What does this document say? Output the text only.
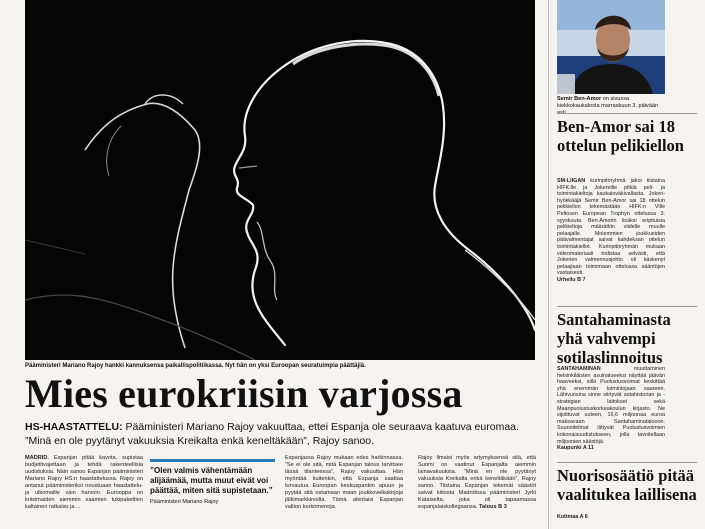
Pääministeri Mariano Rajoy hankki kannuksensa paikallispolitiikassa. Nyt hän on yksi Euroopan seuratuimpia päättäjiä.
Mies eurokriisin varjossa
HS-HAASTATTELU: Pääministeri Mariano Rajoy vakuuttaa, ettei Espanja ole seuraava kaatuva euromaa. ”Minä en ole pyytänyt vakuuksia Kreikalta enkä keneltäkään”, Rajoy sanoo.

MADRID. Espanjan pitää kavota, supistaa budjettivajettaan ja tehdä rakenteellisia uudistuksia. Näin sanoo Espanjan pääministeri Mariano Rajoy HS:n haastattelussa. Rajoy on antanut pääministeriksi noustuaan haastatteluja ulkomaille vain harvoin. Eurooppa on kriisimaiden aiemmin saamien tukipakettien kaltainen ratkaisu ja ...

”Olen valmis vähentämään alijäämää, mutta muut eivät voi päättää, miten sitä supistetaan.”
Pääministeri Mariano Rajoy

Espanjassa Rajoy mukaan edes harkinnassa. ”Se ei ole sitä, mitä Espanjan talous tarvitsee tässä tilanteessa”, Rajoy vakuuttaa. Hän myöntää kuitenkin, että Espanja saattaa turvautua Euroopan keskuspankin apuun ja pyytää sitä ostamaan maan joukkovelkakirjoja jälkimarkkinoilta. Tämä alentaisi Espanjan valtion korkomenoja.

Rajoy ilmaisi myös artymyksensä sitä, että Suomi on vaatinut Espanjalta aiemmin lainavakuuksia. ”Minä en ole pyytänyt vakuuksia Kreikalta enkä keneltäkään”, Rajoy sanoo. Tiistaina Espanjan tekemät säästöt saivat kiitosta Madridissa pääministeri Jyrki Kataiselta, joka oli tapaamassa espanjalaiskollegaansa. Talous B 3

Semir Ben-Amor on sivussa kiekkokaukalosta marraskuun 3. päivään asti.
Ben-Amor sai 18 ottelun pelikiellon

SM-LIIGAN kurinpitoryhmä jakoi tiistaina HIFK:lle ja Jokereille pitkiä peli- ja toimintakieltoja kaukaloväkivallasta. Jokeri-hyökkääjä Semir Ben-Amor sai 18 ottelun pelikiellon tekemästään HIFK:n Ville Peltosen European Trophyn ottelussa 3. syyskuuta. Ben-Amorin lisäksi eripituisia pelikieltoja määrättiin viidelle muulle pelaajalle. Molemmien joukkueiden päävalmentajat saivat kahdeksan ottelun toimintakiellot. Kurinpitoryhmän mukaan videomateriaali todistaa selvästi, että Jokerien valmennusjohto oli käskenyt pelaajiaan toimimaan ottelussa sääntöjen vastaisesti.

Urheilu B 7

Santahaminasta yhä vahvempi sotilaslinnoitus

SANTAHAMINAN muuttaminen helsinkiläisten asuinalueeksi näyttää jäävän haaveeksi, sillä Puolustusvoimat keskittää yhä enemmän toimintojaan saareen. Lähivuosina sinne siirtyvät sotahistorian ja -strategian laitokset sekä Maanpuolustuskorkeakoulun kirjasto. Ne sijoittuvat uuteen, 16,6 miljoonaa euroa maksavaan Santahaminatalooon. Suunnitelmat liittyvät Puolustusvoimien kokonaisuudistukseen, jolla tavoitellaan miljoonien säästöjä.

Kaupunki A 11

Nuorisosäätiö pitää vaalitukea laillisena

Kotimaa A 6
